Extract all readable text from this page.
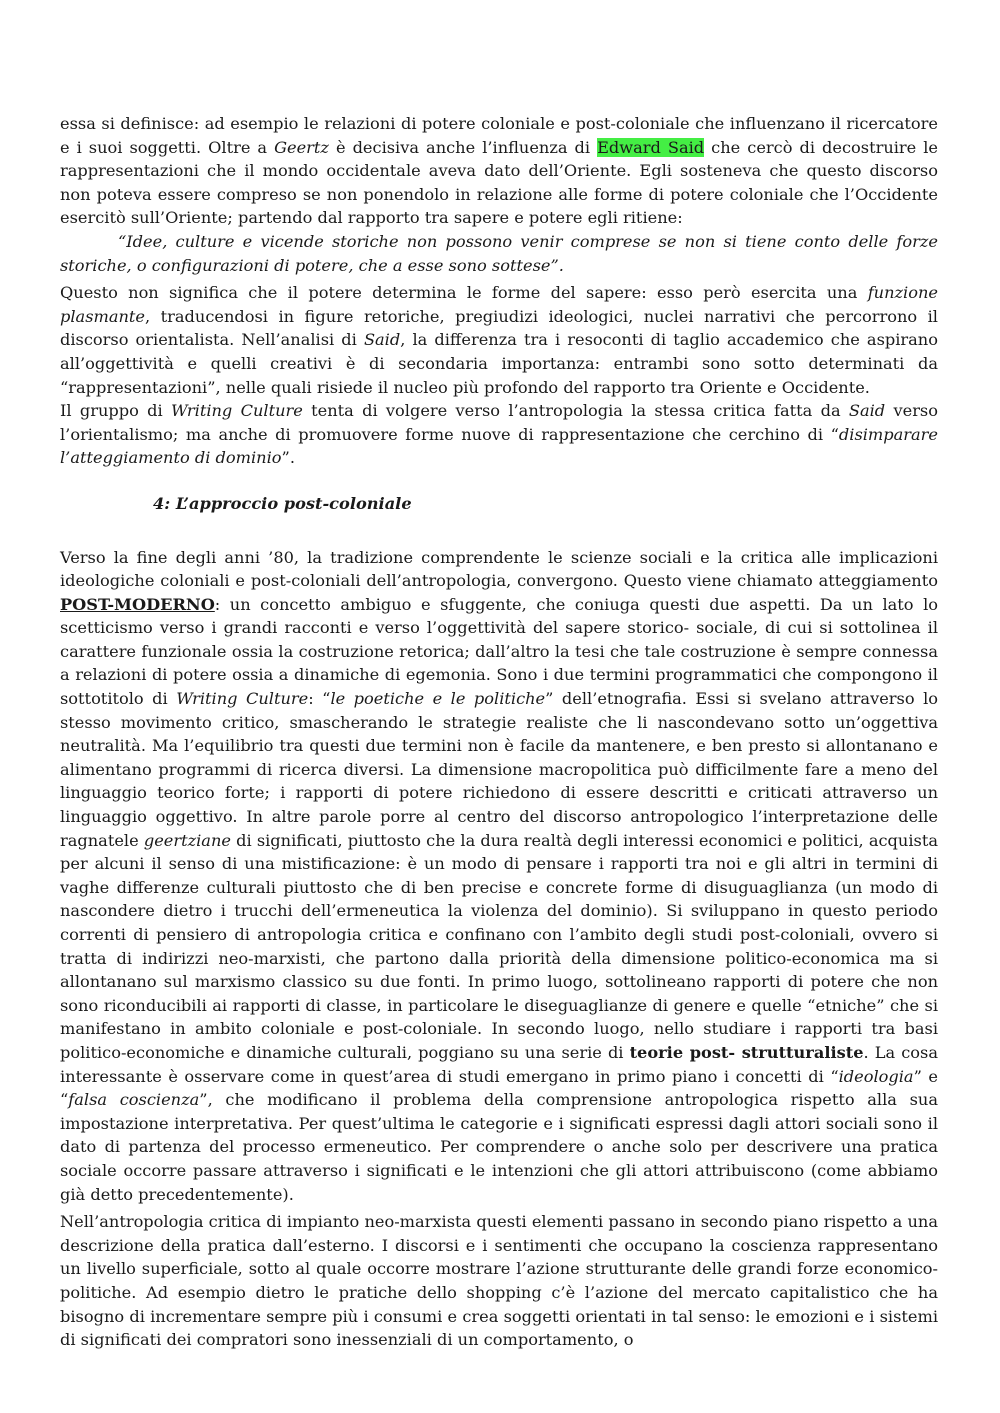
essa si definisce: ad esempio le relazioni di potere coloniale e post-coloniale che influenzano il ricercatore e i suoi soggetti. Oltre a Geertz è decisiva anche l’influenza di Edward Said che cercò di decostruire le rappresentazioni che il mondo occidentale aveva dato dell’Oriente. Egli sosteneva che questo discorso non poteva essere compreso se non ponendolo in relazione alle forme di potere coloniale che l’Occidente esercitò sull’Oriente; partendo dal rapporto tra sapere e potere egli ritiene:

“Idee, culture e vicende storiche non possono venir comprese se non si tiene conto delle forze storiche, o configurazioni di potere, che a esse sono sottese”.

Questo non significa che il potere determina le forme del sapere: esso però esercita una funzione plasmante, traducendosi in figure retoriche, pregiudizi ideologici, nuclei narrativi che percorrono il discorso orientalista. Nell’analisi di Said, la differenza tra i resoconti di taglio accademico che aspirano all’oggettività e quelli creativi è di secondaria importanza: entrambi sono sotto determinati da “rappresentazioni”, nelle quali risiede il nucleo più profondo del rapporto tra Oriente e Occidente.

Il gruppo di Writing Culture tenta di volgere verso l’antropologia la stessa critica fatta da Said verso l’orientalismo; ma anche di promuovere forme nuove di rappresentazione che cerchino di “disimparare l’atteggiamento di dominio”.

4: L’approccio post-coloniale

Verso la fine degli anni ’80, la tradizione comprendente le scienze sociali e la critica alle implicazioni ideologiche coloniali e post-coloniali dell’antropologia, convergono. Questo viene chiamato atteggiamento POST-MODERNO: un concetto ambiguo e sfuggente, che coniuga questi due aspetti. Da un lato lo scetticismo verso i grandi racconti e verso l’oggettività del sapere storico- sociale, di cui si sottolinea il carattere funzionale ossia la costruzione retorica; dall’altro la tesi che tale costruzione è sempre connessa a relazioni di potere ossia a dinamiche di egemonia. Sono i due termini programmatici che compongono il sottotitolo di Writing Culture: “le poetiche e le politiche” dell’etnografia. Essi si svelano attraverso lo stesso movimento critico, smascherando le strategie realiste che li nascondevano sotto un’oggettiva neutralità. Ma l’equilibrio tra questi due termini non è facile da mantenere, e ben presto si allontanano e alimentano programmi di ricerca diversi. La dimensione macropolitica può difficilmente fare a meno del linguaggio teorico forte; i rapporti di potere richiedono di essere descritti e criticati attraverso un linguaggio oggettivo. In altre parole porre al centro del discorso antropologico l’interpretazione delle ragnatele geertziane di significati, piuttosto che la dura realtà degli interessi economici e politici, acquista per alcuni il senso di una mistificazione: è un modo di pensare i rapporti tra noi e gli altri in termini di vaghe differenze culturali piuttosto che di ben precise e concrete forme di disuguaglianza (un modo di nascondere dietro i trucchi dell’ermeneutica la violenza del dominio). Si sviluppano in questo periodo correnti di pensiero di antropologia critica e confinano con l’ambito degli studi post-coloniali, ovvero si tratta di indirizzi neo-marxisti, che partono dalla priorità della dimensione politico-economica ma si allontanano sul marxismo classico su due fonti. In primo luogo, sottolineano rapporti di potere che non sono riconducibili ai rapporti di classe, in particolare le diseguaglianze di genere e quelle “etniche” che si manifestano in ambito coloniale e post-coloniale. In secondo luogo, nello studiare i rapporti tra basi politico-economiche e dinamiche culturali, poggiano su una serie di teorie post- strutturaliste. La cosa interessante è osservare come in quest’area di studi emergano in primo piano i concetti di “ideologia” e “falsa coscienza”, che modificano il problema della comprensione antropologica rispetto alla sua impostazione interpretativa. Per quest’ultima le categorie e i significati espressi dagli attori sociali sono il dato di partenza del processo ermeneutico. Per comprendere o anche solo per descrivere una pratica sociale occorre passare attraverso i significati e le intenzioni che gli attori attribuiscono (come abbiamo già detto precedentemente).

Nell’antropologia critica di impianto neo-marxista questi elementi passano in secondo piano rispetto a una descrizione della pratica dall’esterno. I discorsi e i sentimenti che occupano la coscienza rappresentano un livello superficiale, sotto al quale occorre mostrare l’azione strutturante delle grandi forze economico-politiche. Ad esempio dietro le pratiche dello shopping c’è l’azione del mercato capitalistico che ha bisogno di incrementare sempre più i consumi e crea soggetti orientati in tal senso: le emozioni e i sistemi di significati dei compratori sono inessenziali di un comportamento, o
